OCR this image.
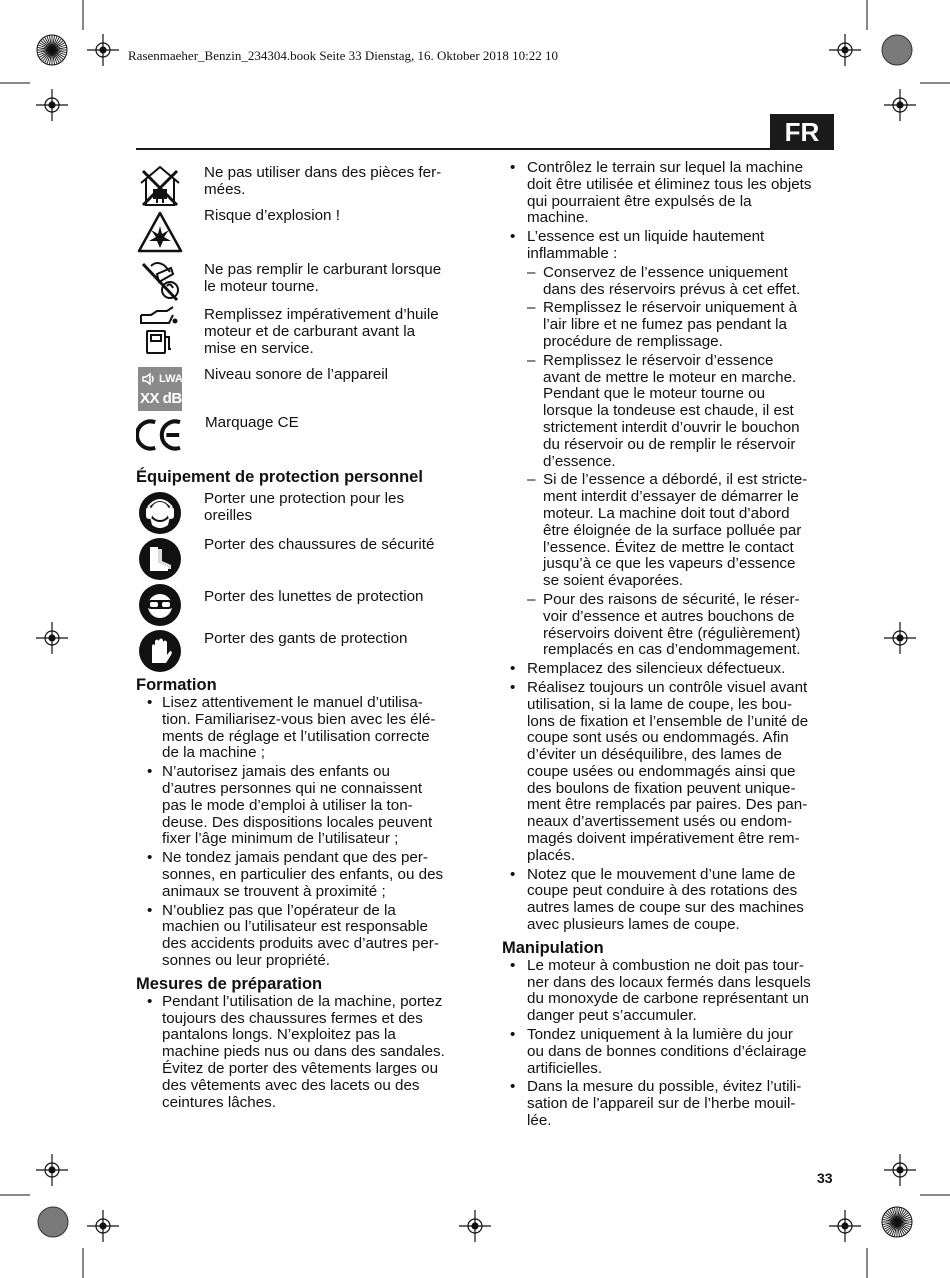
Rasenmaeher_Benzin_234304.book Seite 33 Dienstag, 16. Oktober 2018 10:22 10
FR
Ne pas utiliser dans des pièces fer-
mées.
Risque d’explosion !
Ne pas remplir le carburant lorsque
le moteur tourne.
Remplissez impérativement d’huile
moteur et de carburant avant la
mise en service.
LWA
XX dB
Niveau sonore de l’appareil
Marquage CE
Équipement de protection personnel
Porter une protection pour les
oreilles
Porter des chaussures de sécurité
Porter des lunettes de protection
Porter des gants de protection
Formation
• Lisez attentivement le manuel d’utilisa-
tion. Familiarisez-vous bien avec les élé-
ments de réglage et l’utilisation correcte
de la machine ;
• N’autorisez jamais des enfants ou
d’autres personnes qui ne connaissent
pas le mode d’emploi à utiliser la ton-
deuse. Des dispositions locales peuvent
fixer l’âge minimum de l’utilisateur ;
• Ne tondez jamais pendant que des per-
sonnes, en particulier des enfants, ou des
animaux se trouvent à proximité ;
• N’oubliez pas que l’opérateur de la
machien ou l’utilisateur est responsable
des accidents produits avec d’autres per-
sonnes ou leur propriété.
Mesures de préparation
• Pendant l’utilisation de la machine, portez
toujours des chaussures fermes et des
pantalons longs. N’exploitez pas la
machine pieds nus ou dans des sandales.
Évitez de porter des vêtements larges ou
des vêtements avec des lacets ou des
ceintures lâches.
• Contrôlez le terrain sur lequel la machine
doit être utilisée et éliminez tous les objets
qui pourraient être expulsés de la
machine.
• L’essence est un liquide hautement
inflammable :
– Conservez de l’essence uniquement
dans des réservoirs prévus à cet effet.
– Remplissez le réservoir uniquement à
l’air libre et ne fumez pas pendant la
procédure de remplissage.
– Remplissez le réservoir d’essence
avant de mettre le moteur en marche.
Pendant que le moteur tourne ou
lorsque la tondeuse est chaude, il est
strictement interdit d’ouvrir le bouchon
du réservoir ou de remplir le réservoir
d’essence.
– Si de l’essence a débordé, il est stricte-
ment interdit d’essayer de démarrer le
moteur. La machine doit tout d’abord
être éloignée de la surface polluée par
l’essence. Évitez de mettre le contact
jusqu’à ce que les vapeurs d’essence
se soient évaporées.
– Pour des raisons de sécurité, le réser-
voir d’essence et autres bouchons de
réservoirs doivent être (régulièrement)
remplacés en cas d’endommagement.
• Remplacez des silencieux défectueux.
• Réalisez toujours un contrôle visuel avant
utilisation, si la lame de coupe, les bou-
lons de fixation et l’ensemble de l’unité de
coupe sont usés ou endommagés. Afin
d’éviter un déséquilibre, des lames de
coupe usées ou endommagés ainsi que
des boulons de fixation peuvent unique-
ment être remplacés par paires. Des pan-
neaux d’avertissement usés ou endom-
magés doivent impérativement être rem-
placés.
• Notez que le mouvement d’une lame de
coupe peut conduire à des rotations des
autres lames de coupe sur des machines
avec plusieurs lames de coupe.
Manipulation
• Le moteur à combustion ne doit pas tour-
ner dans des locaux fermés dans lesquels
du monoxyde de carbone représentant un
danger peut s’accumuler.
• Tondez uniquement à la lumière du jour
ou dans de bonnes conditions d’éclairage
artificielles.
• Dans la mesure du possible, évitez l’utili-
sation de l’appareil sur de l’herbe mouil-
lée.
33
